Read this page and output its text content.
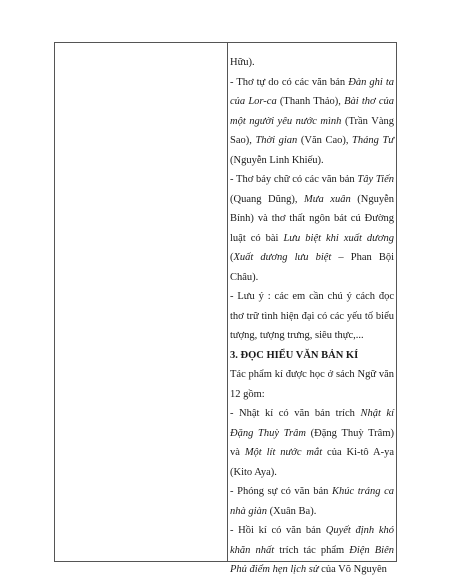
Hữu).

- Thơ tự do có các văn bản Đàn ghi ta của Lor-ca (Thanh Thảo), Bài thơ của một người yêu nước mình (Trần Vàng Sao), Thời gian (Văn Cao), Tháng Tư (Nguyễn Linh Khiếu).

- Thơ bảy chữ có các văn bản Tây Tiến (Quang Dũng), Mưa xuân (Nguyễn Bính) và thơ thất ngôn bát cú Đường luật có bài Lưu biệt khi xuất dương (Xuất dương lưu biệt – Phan Bội Châu).

- Lưu ý : các em cần chú ý cách đọc thơ trữ tình hiện đại có các yếu tố biểu tượng, tượng trưng, siêu thực,...

3. ĐỌC HIỂU VĂN BẢN KÍ

Tác phẩm kí được học ở sách Ngữ văn 12 gồm:

- Nhật kí có văn bản trích Nhật kí Đặng Thuỳ Trâm (Đặng Thuỳ Trâm) và Một lít nước mắt của Ki-tô A-ya (Kito Aya).

- Phóng sự có văn bản Khúc tráng ca nhà giàn (Xuân Ba).

- Hồi kí có văn bản Quyết định khó khăn nhất trích tác phẩm Điện Biên Phủ điểm hẹn lịch sử của Võ Nguyên
